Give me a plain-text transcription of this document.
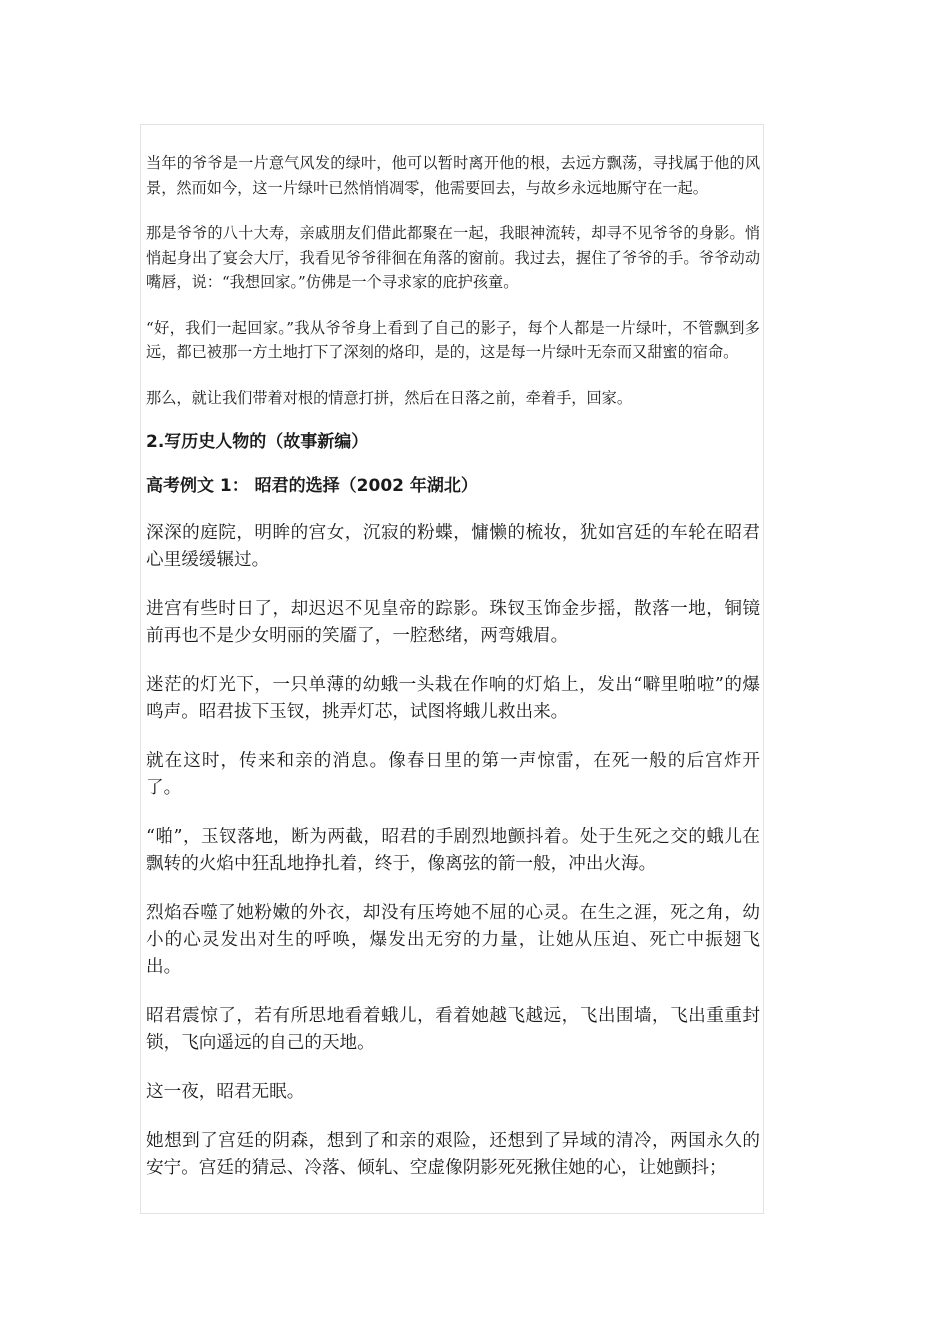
当年的爷爷是一片意气风发的绿叶，他可以暂时离开他的根，去远方飘荡，寻找属于他的风景，然而如今，这一片绿叶已然悄悄凋零，他需要回去，与故乡永远地厮守在一起。

那是爷爷的八十大寿，亲戚朋友们借此都聚在一起，我眼神流转，却寻不见爷爷的身影。悄悄起身出了宴会大厅，我看见爷爷徘徊在角落的窗前。我过去，握住了爷爷的手。爷爷动动嘴唇，说：“我想回家。”仿佛是一个寻求家的庇护孩童。

“好，我们一起回家。”我从爷爷身上看到了自己的影子，每个人都是一片绿叶，不管飘到多远，都已被那一方土地打下了深刻的烙印，是的，这是每一片绿叶无奈而又甜蜜的宿命。

那么，就让我们带着对根的情意打拼，然后在日落之前，牵着手，回家。

2.写历史人物的（故事新编）
高考例文 1： 昭君的选择（2002 年湖北）

深深的庭院，明眸的宫女，沉寂的粉蝶，慵懒的梳妆，犹如宫廷的车轮在昭君心里缓缓辗过。

进宫有些时日了，却迟迟不见皇帝的踪影。珠钗玉饰金步摇，散落一地，铜镜前再也不是少女明丽的笑靥了，一腔愁绪，两弯娥眉。

迷茫的灯光下，一只单薄的幼蛾一头栽在作响的灯焰上，发出“噼里啪啦”的爆鸣声。昭君拔下玉钗，挑弄灯芯，试图将蛾儿救出来。

就在这时，传来和亲的消息。像春日里的第一声惊雷，在死一般的后宫炸开了。

“啪”，玉钗落地，断为两截，昭君的手剧烈地颤抖着。处于生死之交的蛾儿在飘转的火焰中狂乱地挣扎着，终于，像离弦的箭一般，冲出火海。

烈焰吞噬了她粉嫩的外衣，却没有压垮她不屈的心灵。在生之涯，死之角，幼小的心灵发出对生的呼唤，爆发出无穷的力量，让她从压迫、死亡中振翅飞出。

昭君震惊了，若有所思地看着蛾儿，看着她越飞越远，飞出围墙，飞出重重封锁，飞向遥远的自己的天地。

这一夜，昭君无眠。

她想到了宫廷的阴森，想到了和亲的艰险，还想到了异域的清冷，两国永久的安宁。宫廷的猜忌、冷落、倾轧、空虚像阴影死死揪住她的心，让她颤抖；
